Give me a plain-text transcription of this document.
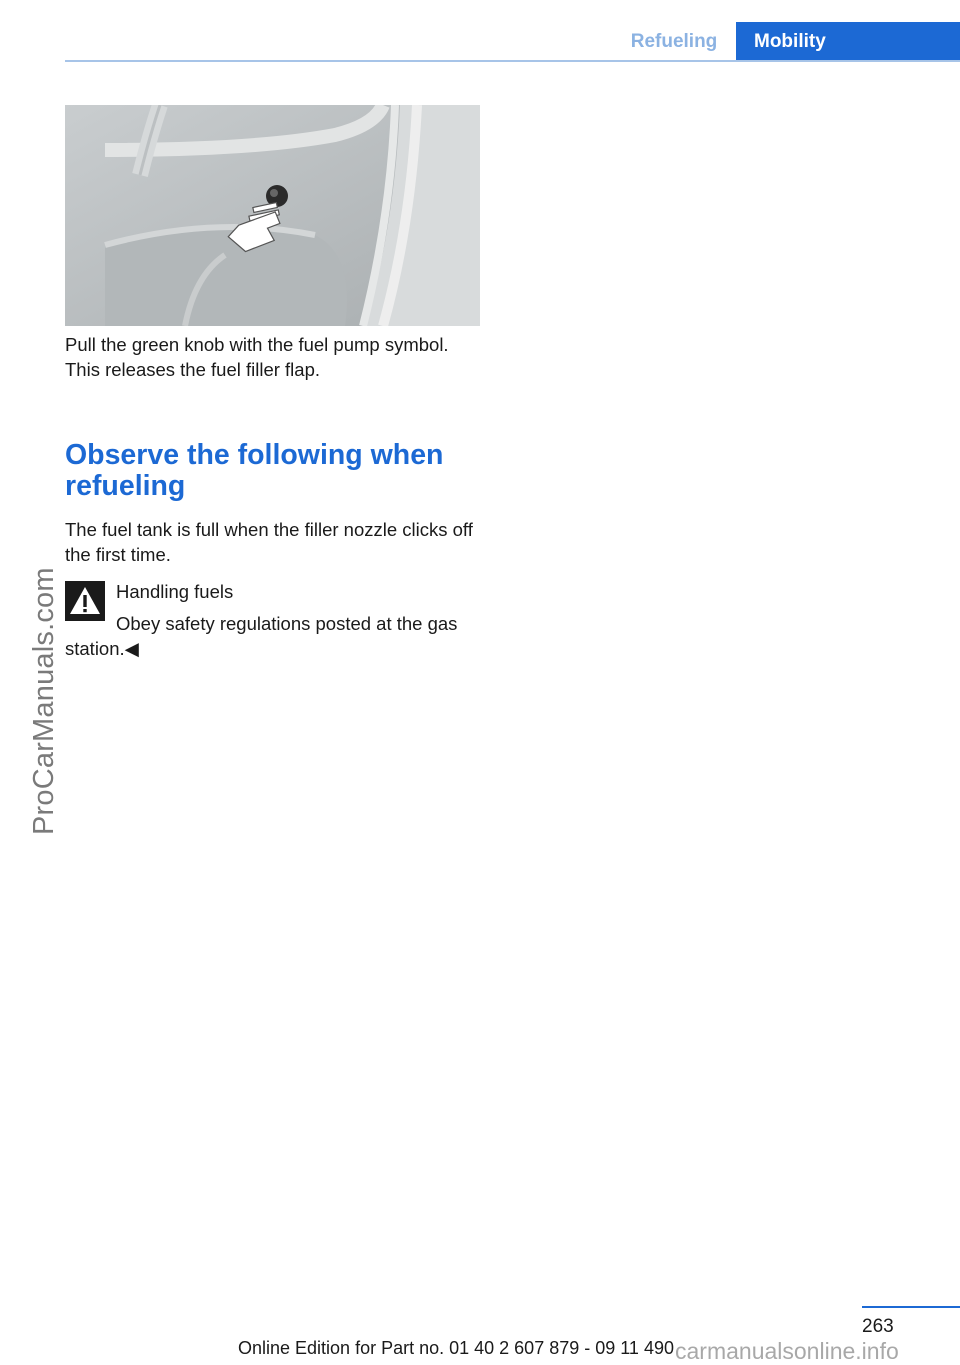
Refueling	Mobility
ProCarManuals.com
Pull the green knob with the fuel pump symbol. This releases the fuel filler flap.
Observe the following when refueling
The fuel tank is full when the filler nozzle clicks off the first time.
Handling fuels
Obey safety regulations posted at the gas station.◀
263
Online Edition for Part no. 01 40 2 607 879 - 09 11 490 carmanualsonline.info
